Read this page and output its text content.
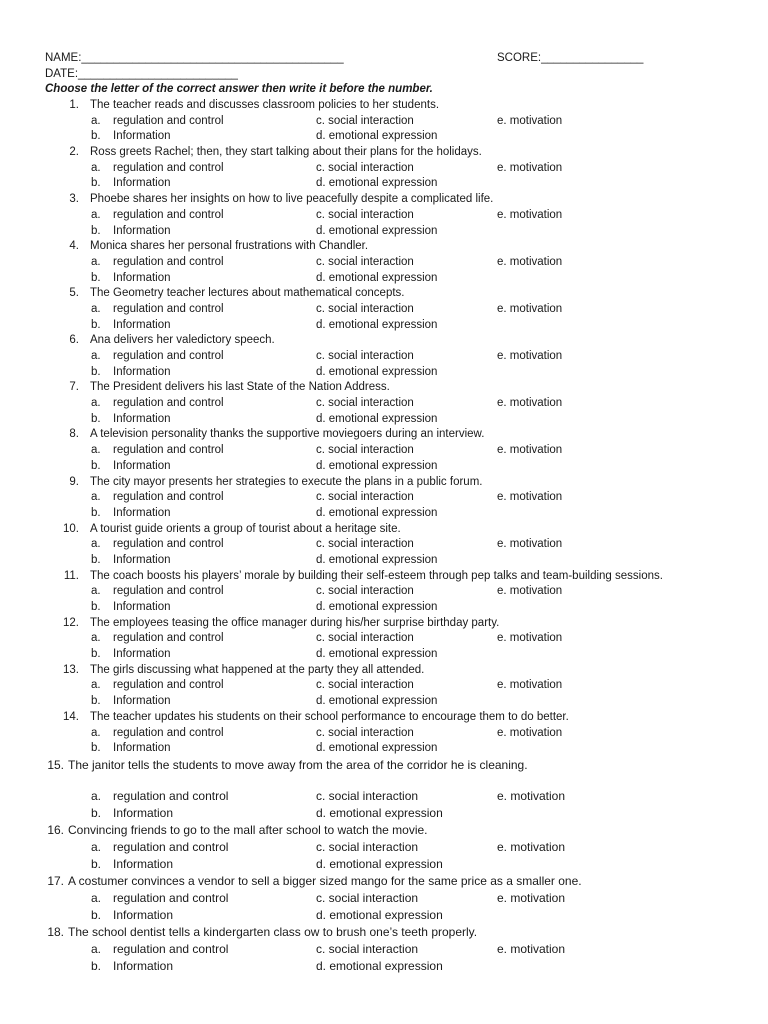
NAME:_________________________________________	SCORE:________________
DATE:_________________________
Choose the letter of the correct answer then write it before the number.
1. The teacher reads and discusses classroom policies to her students.
a. regulation and control	c. social interaction	e. motivation
b. Information	d. emotional expression
2. Ross greets Rachel; then, they start talking about their plans for the holidays.
a. regulation and control	c. social interaction	e. motivation
b. Information	d. emotional expression
3. Phoebe shares her insights on how to live peacefully despite a complicated life.
a. regulation and control	c. social interaction	e. motivation
b. Information	d. emotional expression
4. Monica shares her personal frustrations with Chandler.
a. regulation and control	c. social interaction	e. motivation
b. Information	d. emotional expression
5. The Geometry teacher lectures about mathematical concepts.
a. regulation and control	c. social interaction	e. motivation
b. Information	d. emotional expression
6. Ana delivers her valedictory speech.
a. regulation and control	c. social interaction	e. motivation
b. Information	d. emotional expression
7. The President delivers his last State of the Nation Address.
a. regulation and control	c. social interaction	e. motivation
b. Information	d. emotional expression
8. A television personality thanks the supportive moviegoers during an interview.
a. regulation and control	c. social interaction	e. motivation
b. Information	d. emotional expression
9. The city mayor presents her strategies to execute the plans in a public forum.
a. regulation and control	c. social interaction	e. motivation
b. Information	d. emotional expression
10. A tourist guide orients a group of tourist about a heritage site.
a. regulation and control	c. social interaction	e. motivation
b. Information	d. emotional expression
11. The coach boosts his players’ morale by building their self-esteem through pep talks and team-building sessions.
a. regulation and control	c. social interaction	e. motivation
b. Information	d. emotional expression
12. The employees teasing the office manager during his/her surprise birthday party.
a. regulation and control	c. social interaction	e. motivation
b. Information	d. emotional expression
13. The girls discussing what happened at the party they all attended.
a. regulation and control	c. social interaction	e. motivation
b. Information	d. emotional expression
14. The teacher updates his students on their school performance to encourage them to do better.
a. regulation and control	c. social interaction	e. motivation
b. Information	d. emotional expression
15. The janitor tells the students to move away from the area of the corridor he is cleaning.
a. regulation and control	c. social interaction	e. motivation
b. Information	d. emotional expression
16. Convincing friends to go to the mall after school to watch the movie.
a. regulation and control	c. social interaction	e. motivation
b. Information	d. emotional expression
17. A costumer convinces a vendor to sell a bigger sized mango for the same price as a smaller one.
a. regulation and control	c. social interaction	e. motivation
b. Information	d. emotional expression
18. The school dentist tells a kindergarten class ow to brush one’s teeth properly.
a. regulation and control	c. social interaction	e. motivation
b. Information	d. emotional expression
